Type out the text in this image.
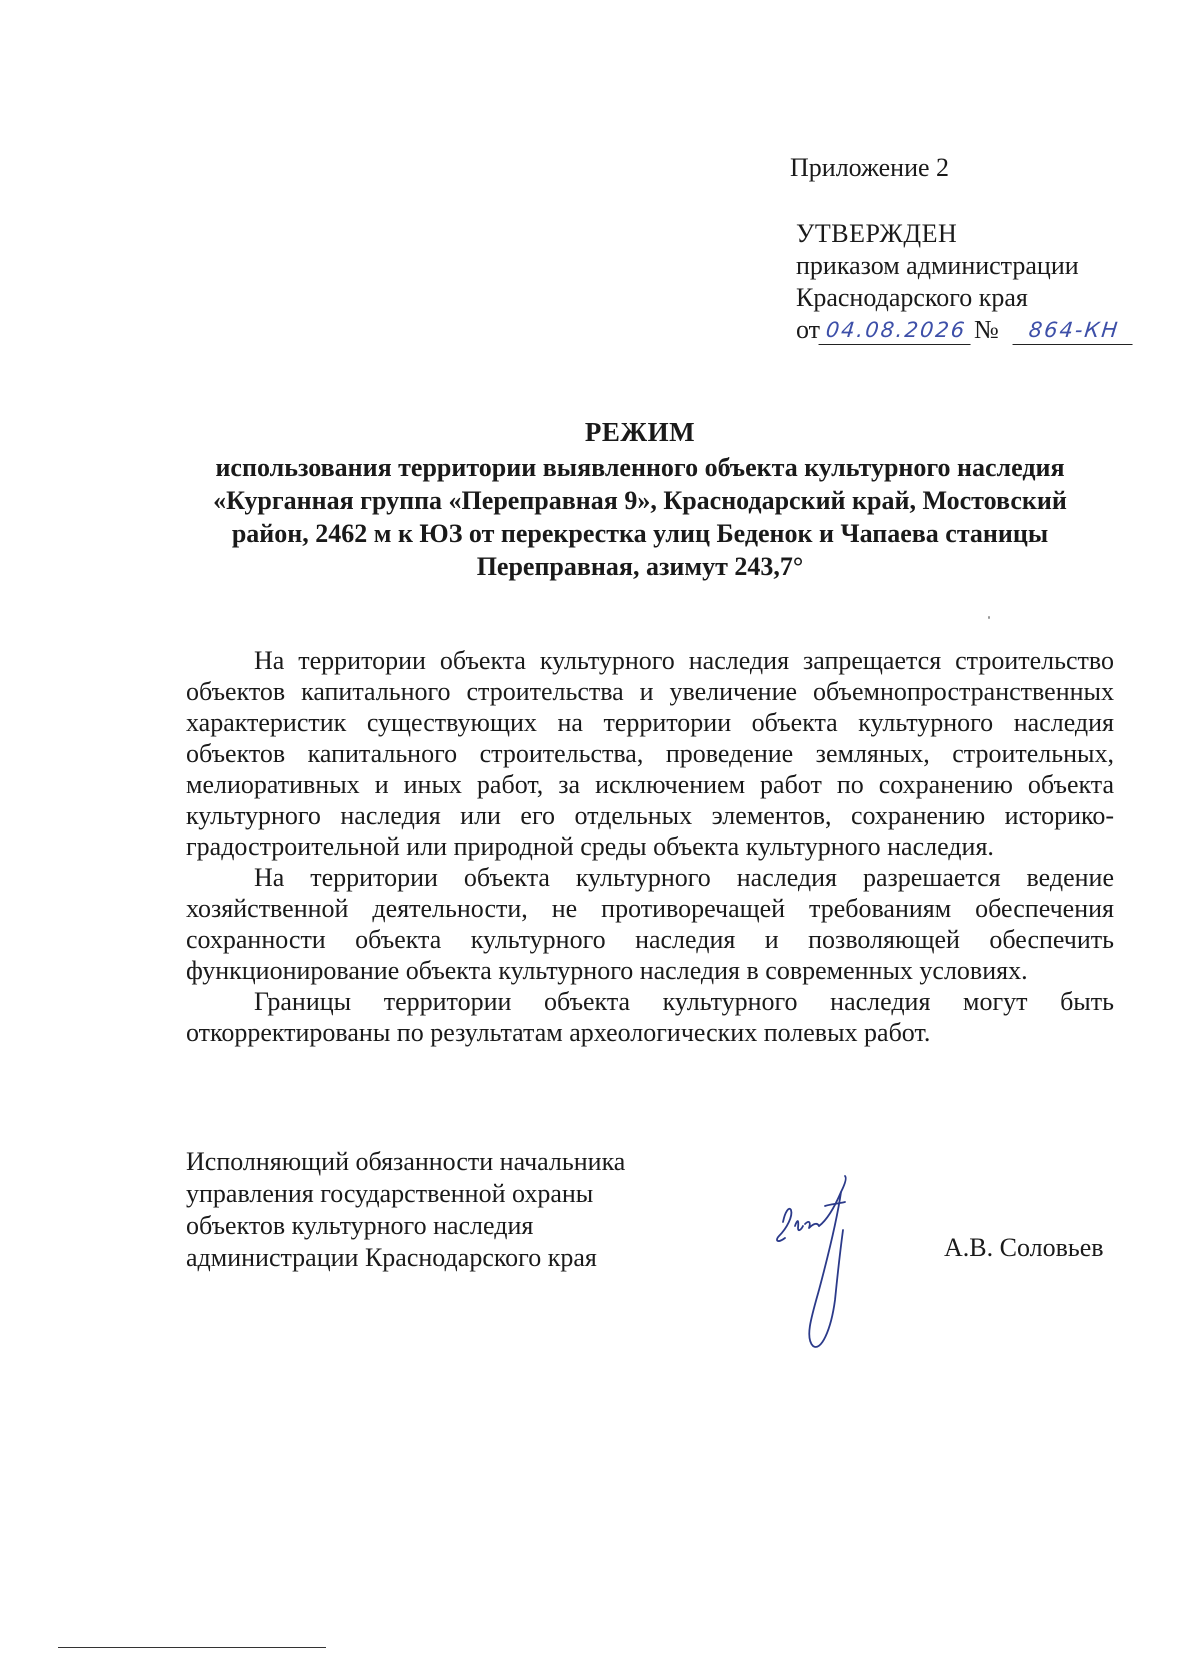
Приложение 2
УТВЕРЖДЕН
приказом администрации
Краснодарского края
от 04.08.2026 №	864-КН
РЕЖИМ
использования территории выявленного объекта культурного наследия
«Курганная группа «Переправная 9», Краснодарский край, Мостовский
район, 2462 м к ЮЗ от перекрестка улиц Беденок и Чапаева станицы
Переправная, азимут 243,7°

На территории объекта культурного наследия запрещается строительство объектов капитального строительства и увеличение объемнопространственных характеристик существующих на территории объекта культурного наследия объектов капитального строительства, проведение земляных, строительных, мелиоративных и иных работ, за исключением работ по сохранению объекта культурного наследия или его отдельных элементов, сохранению историко-градостроительной или природной среды объекта культурного наследия.

На территории объекта культурного наследия разрешается ведение хозяйственной деятельности, не противоречащей требованиям обеспечения сохранности объекта культурного наследия и позволяющей обеспечить функционирование объекта культурного наследия в современных условиях.

Границы территории объекта культурного наследия могут быть откорректированы по результатам археологических полевых работ.

Исполняющий обязанности начальника
управления государственной охраны
объектов культурного наследия
администрации Краснодарского края	А.В. Соловьев
